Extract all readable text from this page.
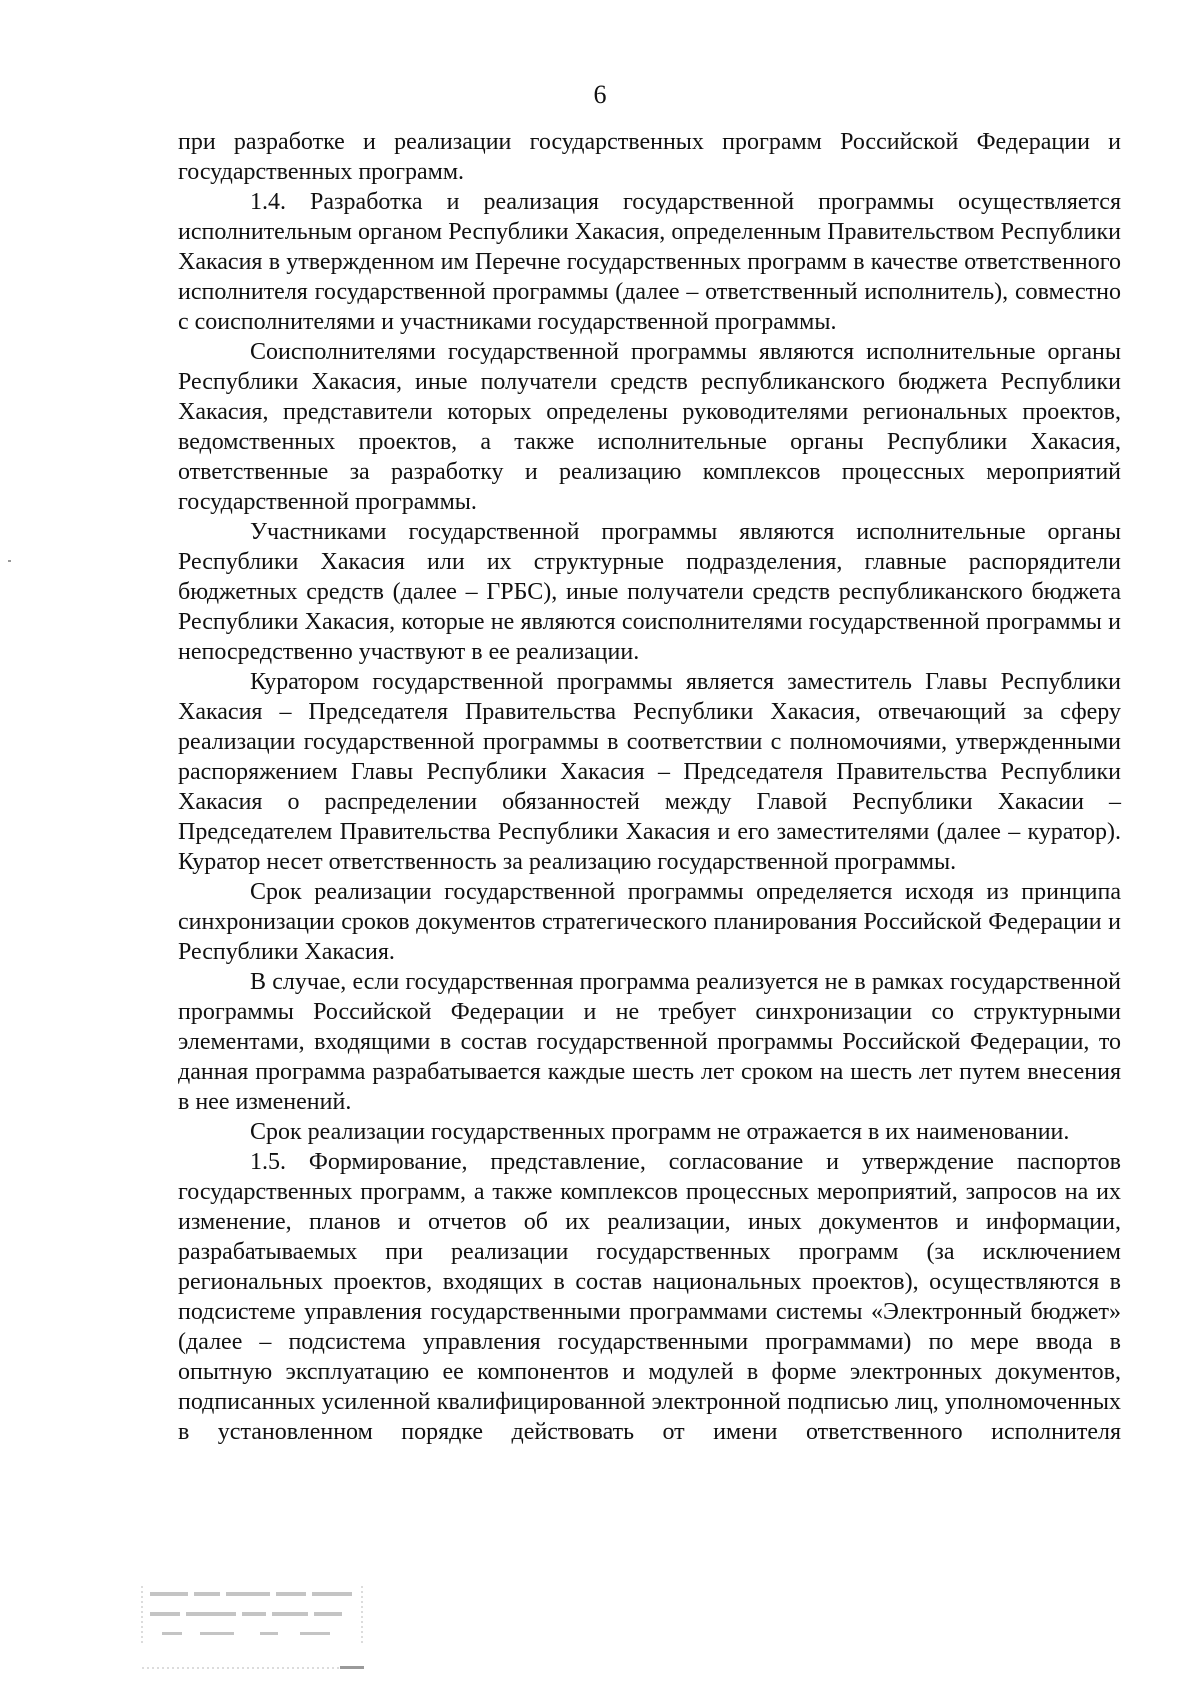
6

при разработке и реализации государственных программ Российской Федерации и государственных программ.

1.4. Разработка и реализация государственной программы осуществляется исполнительным органом Республики Хакасия, определенным Правительством Республики Хакасия в утвержденном им Перечне государственных программ в качестве ответственного исполнителя государственной программы (далее – ответственный исполнитель), совместно с соисполнителями и участниками государственной программы.

Соисполнителями государственной программы являются исполнительные органы Республики Хакасия, иные получатели средств республиканского бюджета Республики Хакасия, представители которых определены руководителями региональных проектов, ведомственных проектов, а также исполнительные органы Республики Хакасия, ответственные за разработку и реализацию комплексов процессных мероприятий государственной программы.

Участниками государственной программы являются исполнительные органы Республики Хакасия или их структурные подразделения, главные распорядители бюджетных средств (далее – ГРБС), иные получатели средств республиканского бюджета Республики Хакасия, которые не являются соисполнителями государственной программы и непосредственно участвуют в ее реализации.

Куратором государственной программы является заместитель Главы Республики Хакасия – Председателя Правительства Республики Хакасия, отвечающий за сферу реализации государственной программы в соответствии с полномочиями, утвержденными распоряжением Главы Республики Хакасия – Председателя Правительства Республики Хакасия о распределении обязанностей между Главой Республики Хакасии – Председателем Правительства Республики Хакасия и его заместителями (далее – куратор). Куратор несет ответственность за реализацию государственной программы.

Срок реализации государственной программы определяется исходя из принципа синхронизации сроков документов стратегического планирования Российской Федерации и Республики Хакасия.

В случае, если государственная программа реализуется не в рамках государственной программы Российской Федерации и не требует синхронизации со структурными элементами, входящими в состав государственной программы Российской Федерации, то данная программа разрабатывается каждые шесть лет сроком на шесть лет путем внесения в нее изменений.

Срок реализации государственных программ не отражается в их наименовании.

1.5. Формирование, представление, согласование и утверждение паспортов государственных программ, а также комплексов процессных мероприятий, запросов на их изменение, планов и отчетов об их реализации, иных документов и информации, разрабатываемых при реализации государственных программ (за исключением региональных проектов, входящих в состав национальных проектов), осуществляются в подсистеме управления государственными программами системы «Электронный бюджет» (далее – подсистема управления государственными программами) по мере ввода в опытную эксплуатацию ее компонентов и модулей в форме электронных документов, подписанных усиленной квалифицированной электронной подписью лиц, уполномоченных в установленном порядке действовать от имени ответственного исполнителя
